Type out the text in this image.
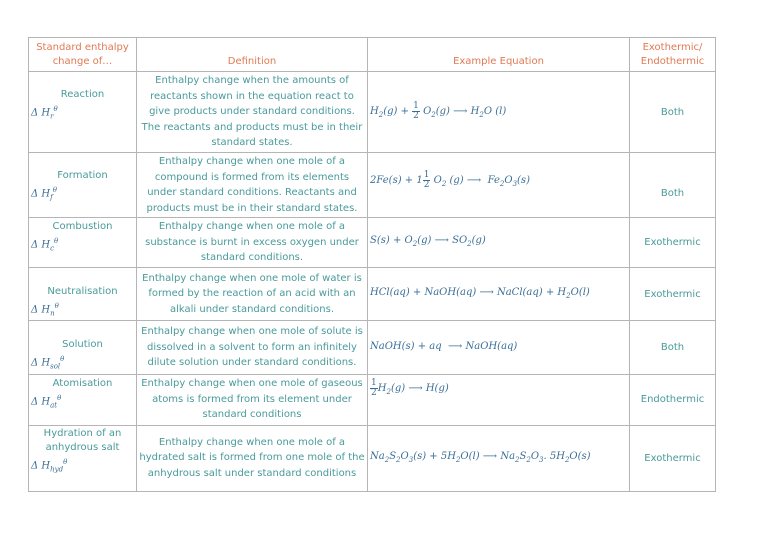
Standard enthalpy change of…	Definition	Example Equation	Exothermic/ Endothermic

Reaction
Δ $H_r^\theta$	Enthalpy change when the amounts of reactants shown in the equation react to give products under standard conditions. The reactants and products must be in their standard states.	$H_2(g) + \frac{1}{2} O_2(g)$ ⟶ $H_2O$ (l)	Both

Formation
Δ $H_f^\theta$	Enthalpy change when one mole of a compound is formed from its elements under standard conditions. Reactants and products must be in their standard states.	$2Fe(s) + 1 \frac{1}{2} O_2$ (g) ⟶  $Fe_2O_3(s)$	Both

Combustion
Δ $H_c^\theta$	Enthalpy change when one mole of a substance is burnt in excess oxygen under standard conditions.	$S(s) + O_2(g)$ ⟶ $SO_2(g)$	Exothermic

Neutralisation
Δ $H_n^\theta$	Enthalpy change when one mole of water is formed by the reaction of an acid with an alkali under standard conditions.	HCl(aq) + NaOH(aq) ⟶ NaCl(aq) + $H_2O(l)$	Exothermic

Solution
Δ $H_{sol}^\theta$	Enthalpy change when one mole of solute is dissolved in a solvent to form an infinitely dilute solution under standard conditions.	NaOH(s) + aq  ⟶ NaOH(aq)	Both

Atomisation
Δ $H_{at}^\theta$	Enthalpy change when one mole of gaseous atoms is formed from its element under standard conditions	$\frac{1}{2} H_2(g)$ ⟶ H(g)	Endothermic

Hydration of an anhydrous salt
Δ $H_{hyd}^\theta$	Enthalpy change when one mole of a hydrated salt is formed from one mole of the anhydrous salt under standard conditions	$Na_2S_2O_3(s) + 5H_2O(l)$ ⟶ $Na_2S_2O_3$. $5H_2O(s)$	Exothermic
